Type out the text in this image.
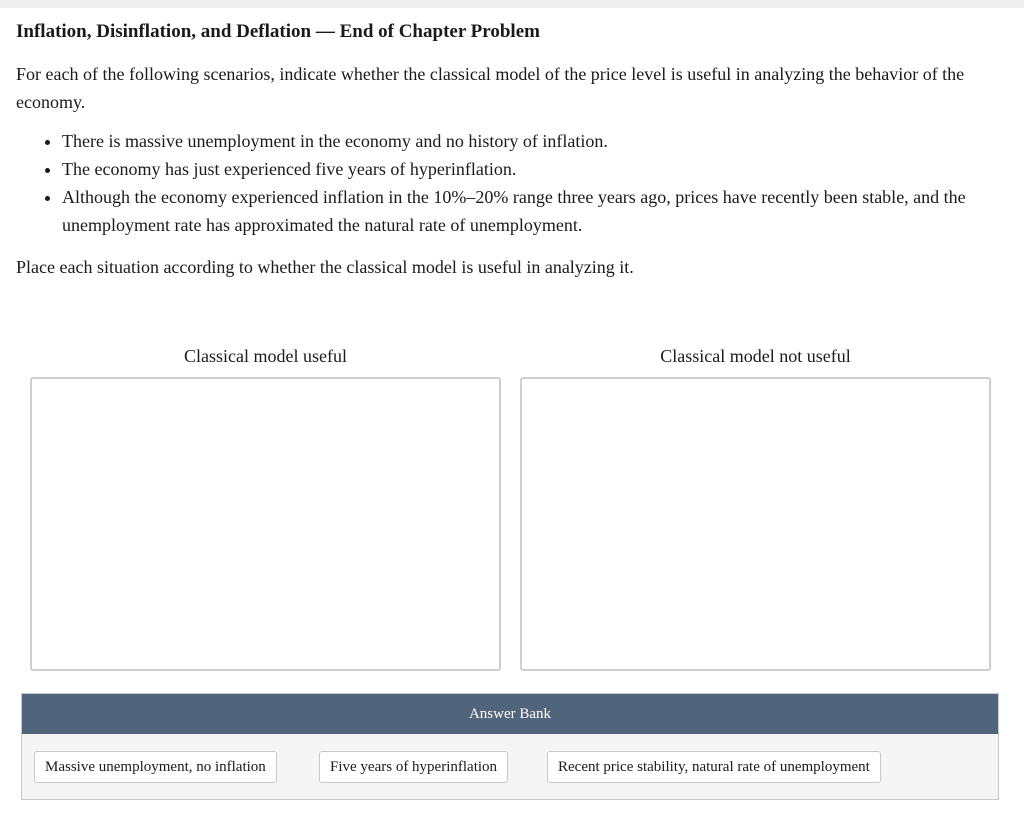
Inflation, Disinflation, and Deflation — End of Chapter Problem

For each of the following scenarios, indicate whether the classical model of the price level is useful in analyzing the behavior of the economy.

• There is massive unemployment in the economy and no history of inflation.
• The economy has just experienced five years of hyperinflation.
• Although the economy experienced inflation in the 10%–20% range three years ago, prices have recently been stable, and the unemployment rate has approximated the natural rate of unemployment.

Place each situation according to whether the classical model is useful in analyzing it.

Classical model useful	Classical model not useful
Answer Bank
Massive unemployment, no inflation	Five years of hyperinflation	Recent price stability, natural rate of unemployment
